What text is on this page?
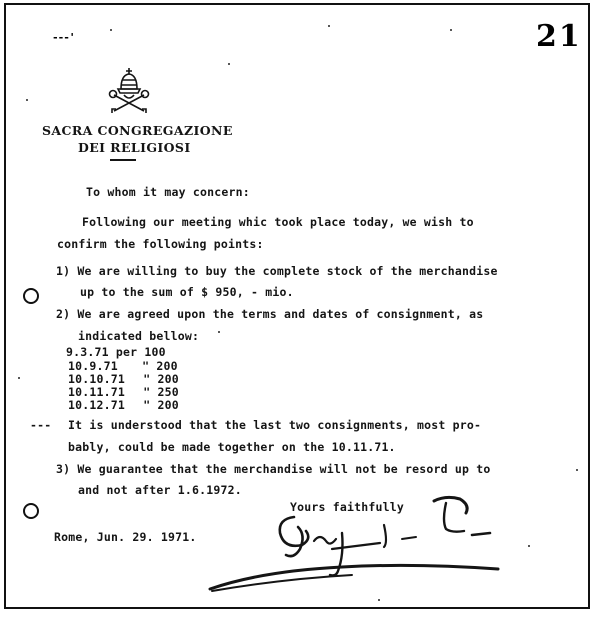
---'	21
SACRA CONGREGAZIONE
DEI RELIGIOSI
To whom it may concern:
Following our meeting whic took place today, we wish to
confirm the following points:
1) We are willing to buy the complete stock of the merchandise
up to the sum of $ 950, - mio.
2) We are agreed upon the terms and dates of consignment, as
indicated bellow:
9.3.71 per 100
10.9.71 " 200
10.10.71 " 200
10.11.71 " 250
10.12.71 " 200
--- It is understood that the last two consignments, most pro-
bably, could be made together on the 10.11.71.
3) We guarantee that the merchandise will not be resord up to
and not after 1.6.1972.
Yours faithfully
Rome, Jun. 29. 1971.
